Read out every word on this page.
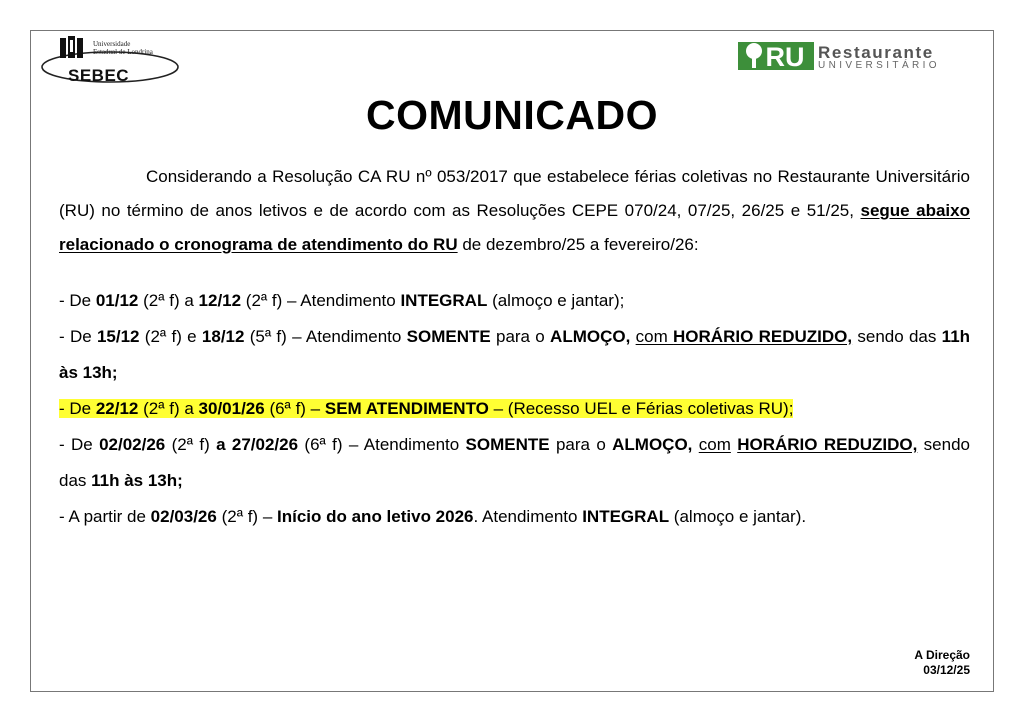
Universidade
Estadual de Londrina
SEBEC
RU Restaurante
UNIVERSITÁRIO
COMUNICADO

Considerando a Resolução CA RU nº 053/2017 que estabelece férias coletivas no Restaurante Universitário (RU) no término de anos letivos e de acordo com as Resoluções CEPE 070/24, 07/25, 26/25 e 51/25, segue abaixo relacionado o cronograma de atendimento do RU de dezembro/25 a fevereiro/26:

- De 01/12 (2ª f) a 12/12 (2ª f) – Atendimento INTEGRAL (almoço e jantar);

- De 15/12 (2ª f) e 18/12 (5ª f) – Atendimento SOMENTE para o ALMOÇO, com HORÁRIO REDUZIDO, sendo das 11h às 13h;

- De 22/12 (2ª f) a 30/01/26 (6ª f) – SEM ATENDIMENTO – (Recesso UEL e Férias coletivas RU);

- De 02/02/26 (2ª f) a 27/02/26 (6ª f) – Atendimento SOMENTE para o ALMOÇO, com HORÁRIO REDUZIDO, sendo das 11h às 13h;

- A partir de 02/03/26 (2ª f) – Início do ano letivo 2026. Atendimento INTEGRAL (almoço e jantar).

A Direção
03/12/25
